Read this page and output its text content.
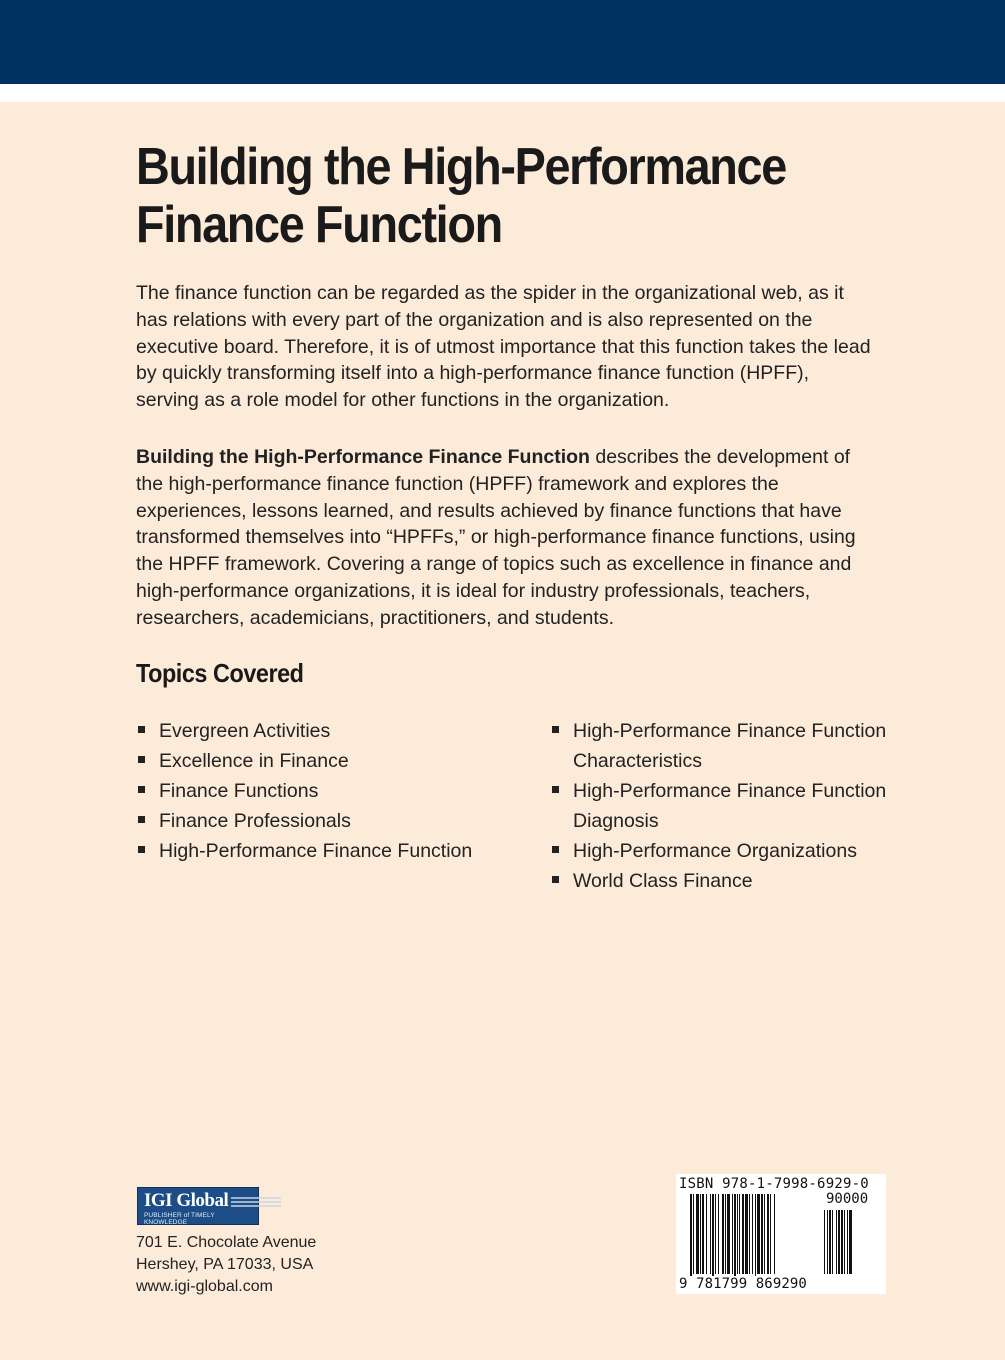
Building the High-Performance
Finance Function

The finance function can be regarded as the spider in the organizational web, as it has relations with every part of the organization and is also represented on the executive board. Therefore, it is of utmost importance that this function takes the lead by quickly transforming itself into a high-performance finance function (HPFF), serving as a role model for other functions in the organization.

Building the High-Performance Finance Function describes the development of the high-performance finance function (HPFF) framework and explores the experiences, lessons learned, and results achieved by finance functions that have transformed themselves into “HPFFs,” or high-performance finance functions, using the HPFF framework. Covering a range of topics such as excellence in finance and high-performance organizations, it is ideal for industry professionals, teachers, researchers, academicians, practitioners, and students.

Topics Covered
Evergreen Activities
Excellence in Finance
Finance Functions
Finance Professionals
High-Performance Finance Function
High-Performance Finance Function Characteristics
High-Performance Finance Function Diagnosis
High-Performance Organizations
World Class Finance
IGI Global
PUBLISHER of TIMELY KNOWLEDGE

701 E. Chocolate Avenue
Hershey, PA 17033, USA
www.igi-global.com

ISBN 978-1-7998-6929-0
90000
9 781799 869290
